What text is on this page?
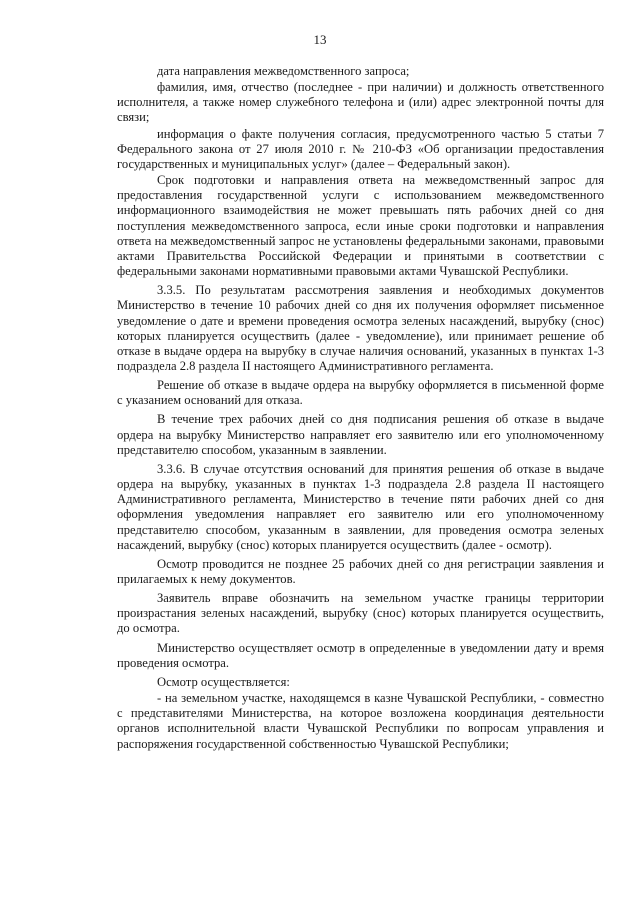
13

дата направления межведомственного запроса;

фамилия, имя, отчество (последнее - при наличии) и должность ответственного исполнителя, а также номер служебного телефона и (или) адрес электронной почты для связи;

информация о факте получения согласия, предусмотренного частью 5 статьи 7 Федерального закона от 27 июля 2010 г. № 210-ФЗ «Об организации предоставления государственных и муниципальных услуг» (далее – Федеральный закон).

Срок подготовки и направления ответа на межведомственный запрос для предоставления государственной услуги с использованием межведомственного информационного взаимодействия не может превышать пять рабочих дней со дня поступления межведомственного запроса, если иные сроки подготовки и направления ответа на межведомственный запрос не установлены федеральными законами, правовыми актами Правительства Российской Федерации и принятыми в соответствии с федеральными законами нормативными правовыми актами Чувашской Республики.

3.3.5. По результатам рассмотрения заявления и необходимых документов Министерство в течение 10 рабочих дней со дня их получения оформляет письменное уведомление о дате и времени проведения осмотра зеленых насаждений, вырубку (снос) которых планируется осуществить (далее - уведомление), или принимает решение об отказе в выдаче ордера на вырубку в случае наличия оснований, указанных в пунктах 1-3 подраздела 2.8 раздела II настоящего Административного регламента.

Решение об отказе в выдаче ордера на вырубку оформляется в письменной форме с указанием оснований для отказа.

В течение трех рабочих дней со дня подписания решения об отказе в выдаче ордера на вырубку Министерство направляет его заявителю или его уполномоченному представителю способом, указанным в заявлении.

3.3.6. В случае отсутствия оснований для принятия решения об отказе в выдаче ордера на вырубку, указанных в пунктах 1-3 подраздела 2.8 раздела II настоящего Административного регламента, Министерство в течение пяти рабочих дней со дня оформления уведомления направляет его заявителю или его уполномоченному представителю способом, указанным в заявлении, для проведения осмотра зеленых насаждений, вырубку (снос) которых планируется осуществить (далее - осмотр).

Осмотр проводится не позднее 25 рабочих дней со дня регистрации заявления и прилагаемых к нему документов.

Заявитель вправе обозначить на земельном участке границы территории произрастания зеленых насаждений, вырубку (снос) которых планируется осуществить, до осмотра.

Министерство осуществляет осмотр в определенные в уведомлении дату и время проведения осмотра.

Осмотр осуществляется:

- на земельном участке, находящемся в казне Чувашской Республики, - совместно с представителями Министерства, на которое возложена координация деятельности органов исполнительной власти Чувашской Республики по вопросам управления и распоряжения государственной собственностью Чувашской Республики;
